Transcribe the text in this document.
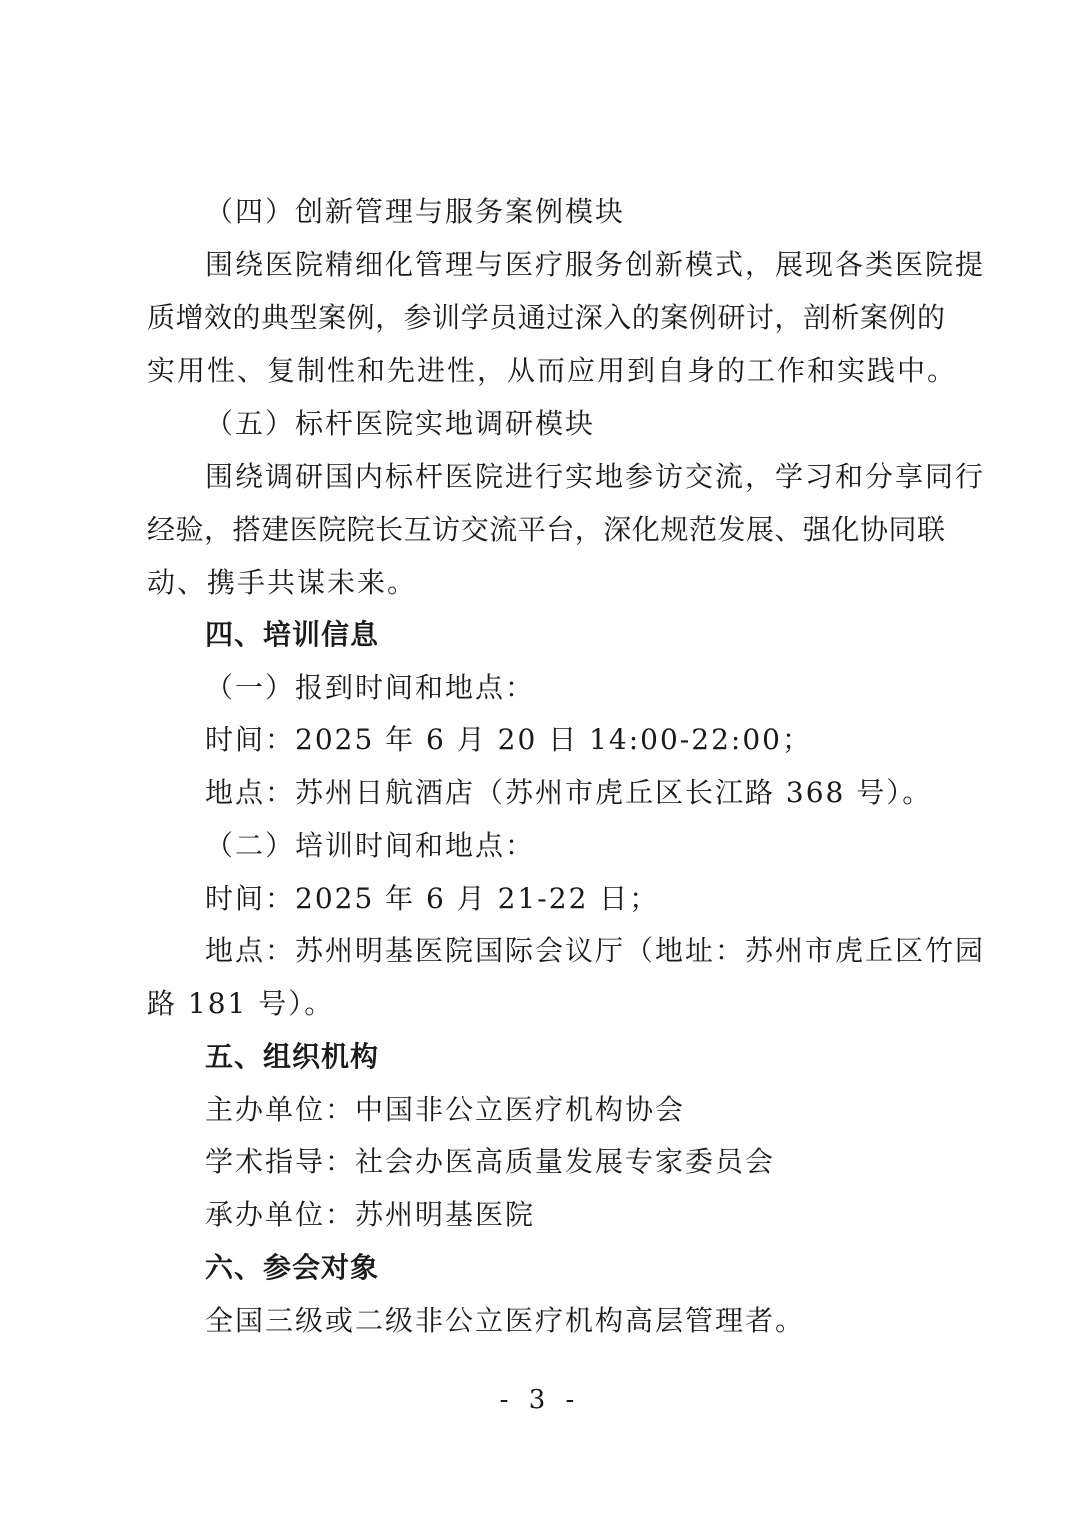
（四）创新管理与服务案例模块
围绕医院精细化管理与医疗服务创新模式，展现各类医院提
质增效的典型案例，参训学员通过深入的案例研讨，剖析案例的
实用性、复制性和先进性，从而应用到自身的工作和实践中。
（五）标杆医院实地调研模块
围绕调研国内标杆医院进行实地参访交流，学习和分享同行
经验，搭建医院院长互访交流平台，深化规范发展、强化协同联
动、携手共谋未来。
四、培训信息
（一）报到时间和地点：
时间：2025 年 6 月 20 日 14:00-22:00；
地点：苏州日航酒店（苏州市虎丘区长江路 368 号）。
（二）培训时间和地点：
时间：2025 年 6 月 21-22 日；
地点：苏州明基医院国际会议厅（地址：苏州市虎丘区竹园
路 181 号）。
五、组织机构
主办单位：中国非公立医疗机构协会
学术指导：社会办医高质量发展专家委员会
承办单位：苏州明基医院
六、参会对象
全国三级或二级非公立医疗机构高层管理者。
- 3 -
